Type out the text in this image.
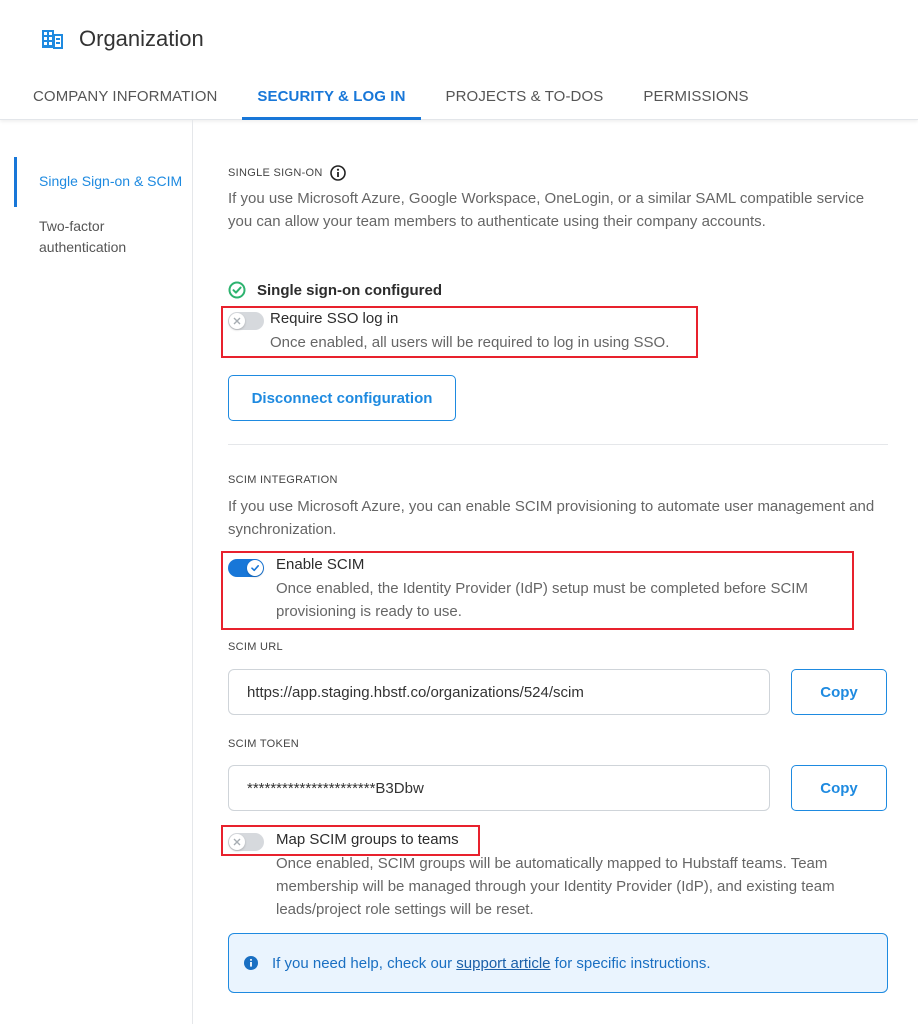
Organization
COMPANY INFORMATION	SECURITY & LOG IN	PROJECTS & TO-DOS	PERMISSIONS
Single Sign-on & SCIM
Two-factor authentication
SINGLE SIGN-ON
If you use Microsoft Azure, Google Workspace, OneLogin, or a similar SAML compatible service you can allow your team members to authenticate using their company accounts.
Single sign-on configured
Require SSO log in
Once enabled, all users will be required to log in using SSO.
Disconnect configuration
SCIM INTEGRATION
If you use Microsoft Azure, you can enable SCIM provisioning to automate user management and synchronization.
Enable SCIM
Once enabled, the Identity Provider (IdP) setup must be completed before SCIM provisioning is ready to use.
SCIM URL
https://app.staging.hbstf.co/organizations/524/scim	Copy
SCIM TOKEN
**********************B3Dbw	Copy
Map SCIM groups to teams
Once enabled, SCIM groups will be automatically mapped to Hubstaff teams. Team membership will be managed through your Identity Provider (IdP), and existing team leads/project role settings will be reset.
If you need help, check our support article for specific instructions.
